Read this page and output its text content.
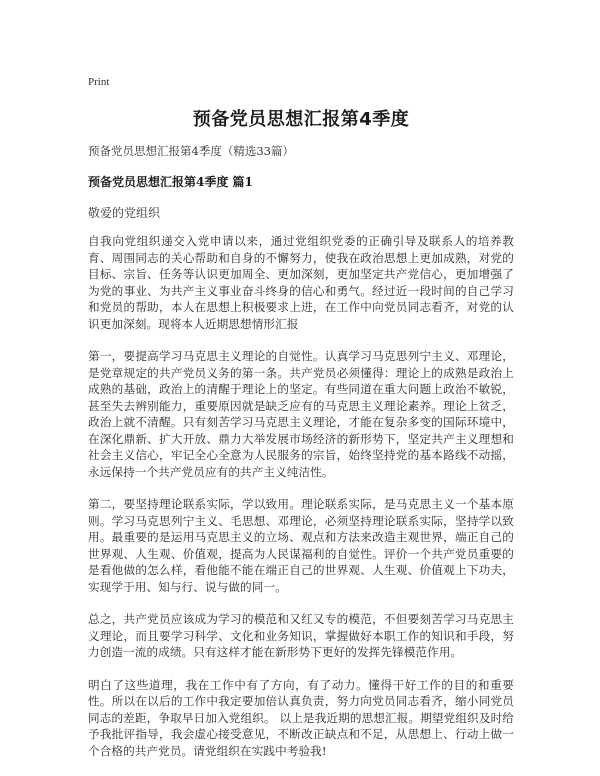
Print
预备党员思想汇报第4季度

预备党员思想汇报第4季度（精选33篇）

预备党员思想汇报第4季度 篇1

敬爱的党组织

自我向党组织递交入党申请以来，通过党组织党委的正确引导及联系人的培养教育、周围同志的关心帮助和自身的不懈努力，使我在政治思想上更加成熟，对党的目标、宗旨、任务等认识更加周全、更加深刻，更加坚定共产党信心，更加增强了为党的事业、为共产主义事业奋斗终身的信心和勇气。经过近一段时间的自己学习和党员的帮助，本人在思想上积极要求上进，在工作中向党员同志看齐，对党的认识更加深刻。现将本人近期思想情形汇报

第一，要提高学习马克思主义理论的自觉性。认真学习马克思列宁主义、邓理论，是党章规定的共产党员义务的第一条。共产党员必须懂得：理论上的成熟是政治上成熟的基础，政治上的清醒于理论上的坚定。有些同道在重大问题上政治不敏锐，甚至失去辨别能力，重要原因就是缺乏应有的马克思主义理论素养。理论上贫乏，政治上就不清醒。只有刻苦学习马克思主义理论，才能在复杂多变的国际环境中，在深化鼎新、扩大开放、鼎力大举发展市场经济的新形势下，坚定共产主义理想和社会主义信心，牢记全心全意为人民服务的宗旨，始终坚持党的基本路线不动摇，永远保持一个共产党员应有的共产主义纯洁性。

第二，要坚持理论联系实际，学以致用。理论联系实际，是马克思主义一个基本原则。学习马克思列宁主义、毛思想、邓理论，必须坚持理论联系实际，坚持学以致用。最重要的是运用马克思主义的立场、观点和方法来改造主观世界，端正自己的世界观、人生观、价值观，提高为人民谋福利的自觉性。评价一个共产党员重要的是看他做的怎么样，看他能不能在端正自己的世界观、人生观、价值观上下功夫，实现学于用、知与行、说与做的同一。

总之，共产党员应该成为学习的模范和又红又专的模范，不但要刻苦学习马克思主义理论，而且要学习科学、文化和业务知识，掌握做好本职工作的知识和手段，努力创造一流的成绩。只有这样才能在新形势下更好的发挥先锋模范作用。

明白了这些道理，我在工作中有了方向，有了动力。懂得干好工作的目的和重要性。所以在以后的工作中我定要加倍认真负责，努力向党员同志看齐，缩小同党员同志的差距，争取早日加入党组织。 以上是我近期的思想汇报。期望党组织及时给予我批评指导，我会虚心接受意见，不断改正缺点和不足，从思想上、行动上做一个合格的共产党员。请党组织在实践中考验我!
